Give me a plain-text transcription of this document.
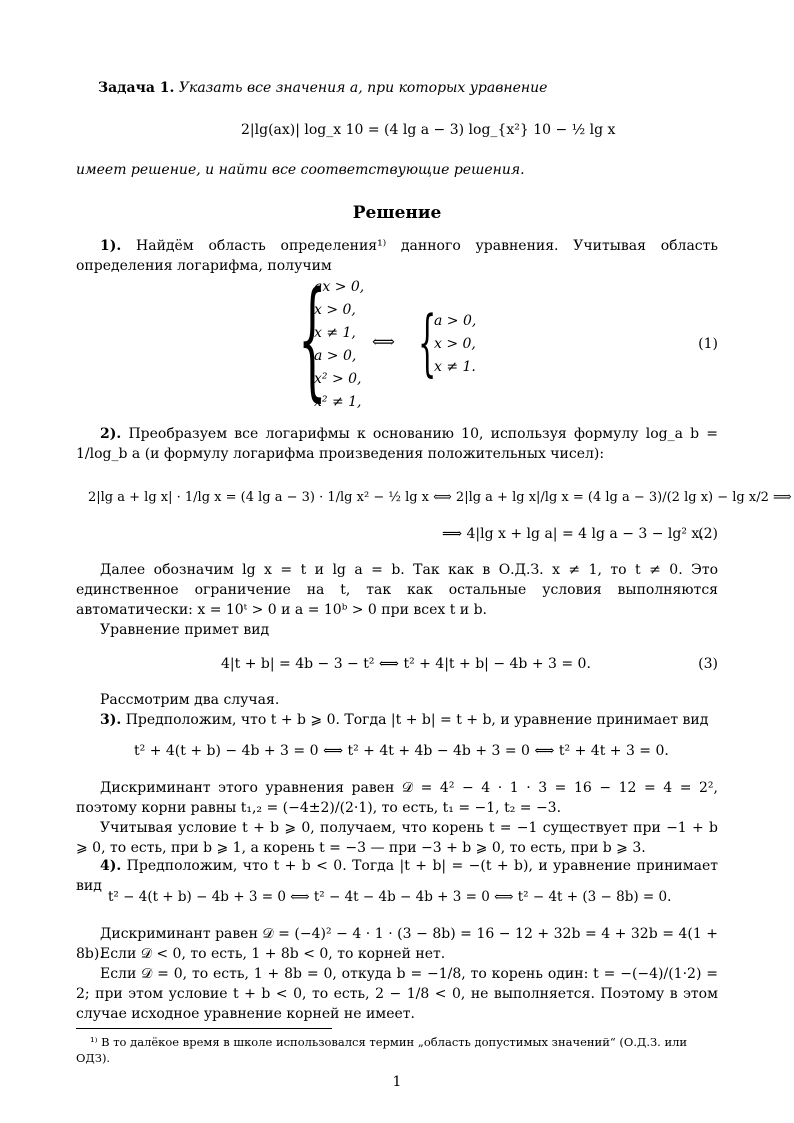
Задача 1. Указать все значения a, при которых уравнение
2|lg(ax)| log_x 10 = (4 lg a − 3) log_{x²} 10 − ½ lg x
имеет решение, и найти все соответствующие решения.
Решение
1). Найдём область определения¹⁾ данного уравнения. Учитывая область определения логарифма, получим
{
ax > 0,
x > 0,
x ≠ 1,
a > 0,
x² > 0,
x² ≠ 1,
⟺ {
a > 0,
x > 0,
x ≠ 1.
(1)
2). Преобразуем все логарифмы к основанию 10, используя формулу log_a b = 1/log_b a (и формулу логарифма произведения положительных чисел):
2|lg a + lg x| · 1/lg x = (4 lg a − 3) · 1/lg x² − ½ lg x ⟺ 2|lg a + lg x|/lg x = (4 lg a − 3)/(2 lg x) − lg x/2 ⟹
⟹ 4|lg x + lg a| = 4 lg a − 3 − lg² x.
(2)
Далее обозначим lg x = t и lg a = b. Так как в О.Д.З. x ≠ 1, то t ≠ 0. Это единственное ограничение на t, так как остальные условия выполняются автоматически: x = 10ᵗ > 0 и a = 10ᵇ > 0 при всех t и b.
Уравнение примет вид
4|t + b| = 4b − 3 − t² ⟺ t² + 4|t + b| − 4b + 3 = 0.	(3)
Рассмотрим два случая.
3). Предположим, что t + b ⩾ 0. Тогда |t + b| = t + b, и уравнение принимает вид
t² + 4(t + b) − 4b + 3 = 0 ⟺ t² + 4t + 4b − 4b + 3 = 0 ⟺ t² + 4t + 3 = 0.
Дискриминант этого уравнения равен 𝒟 = 4² − 4 · 1 · 3 = 16 − 12 = 4 = 2², поэтому корни равны t₁,₂ = (−4±2)/(2·1), то есть, t₁ = −1, t₂ = −3.
Учитывая условие t + b ⩾ 0, получаем, что корень t = −1 существует при −1 + b ⩾ 0, то есть, при b ⩾ 1, а корень t = −3 — при −3 + b ⩾ 0, то есть, при b ⩾ 3.
4). Предположим, что t + b < 0. Тогда |t + b| = −(t + b), и уравнение принимает вид
t² − 4(t + b) − 4b + 3 = 0 ⟺ t² − 4t − 4b − 4b + 3 = 0 ⟺ t² − 4t + (3 − 8b) = 0.
Дискриминант равен 𝒟 = (−4)² − 4 · 1 · (3 − 8b) = 16 − 12 + 32b = 4 + 32b = 4(1 + 8b).
Если 𝒟 < 0, то есть, 1 + 8b < 0, то корней нет.
Если 𝒟 = 0, то есть, 1 + 8b = 0, откуда b = −1/8, то корень один: t = −(−4)/(1·2) = 2; при этом условие t + b < 0, то есть, 2 − 1/8 < 0, не выполняется. Поэтому в этом случае исходное уравнение корней не имеет.
¹⁾ В то далёкое время в школе использовался термин „область допустимых значений“ (О.Д.З. или ОДЗ).
1
